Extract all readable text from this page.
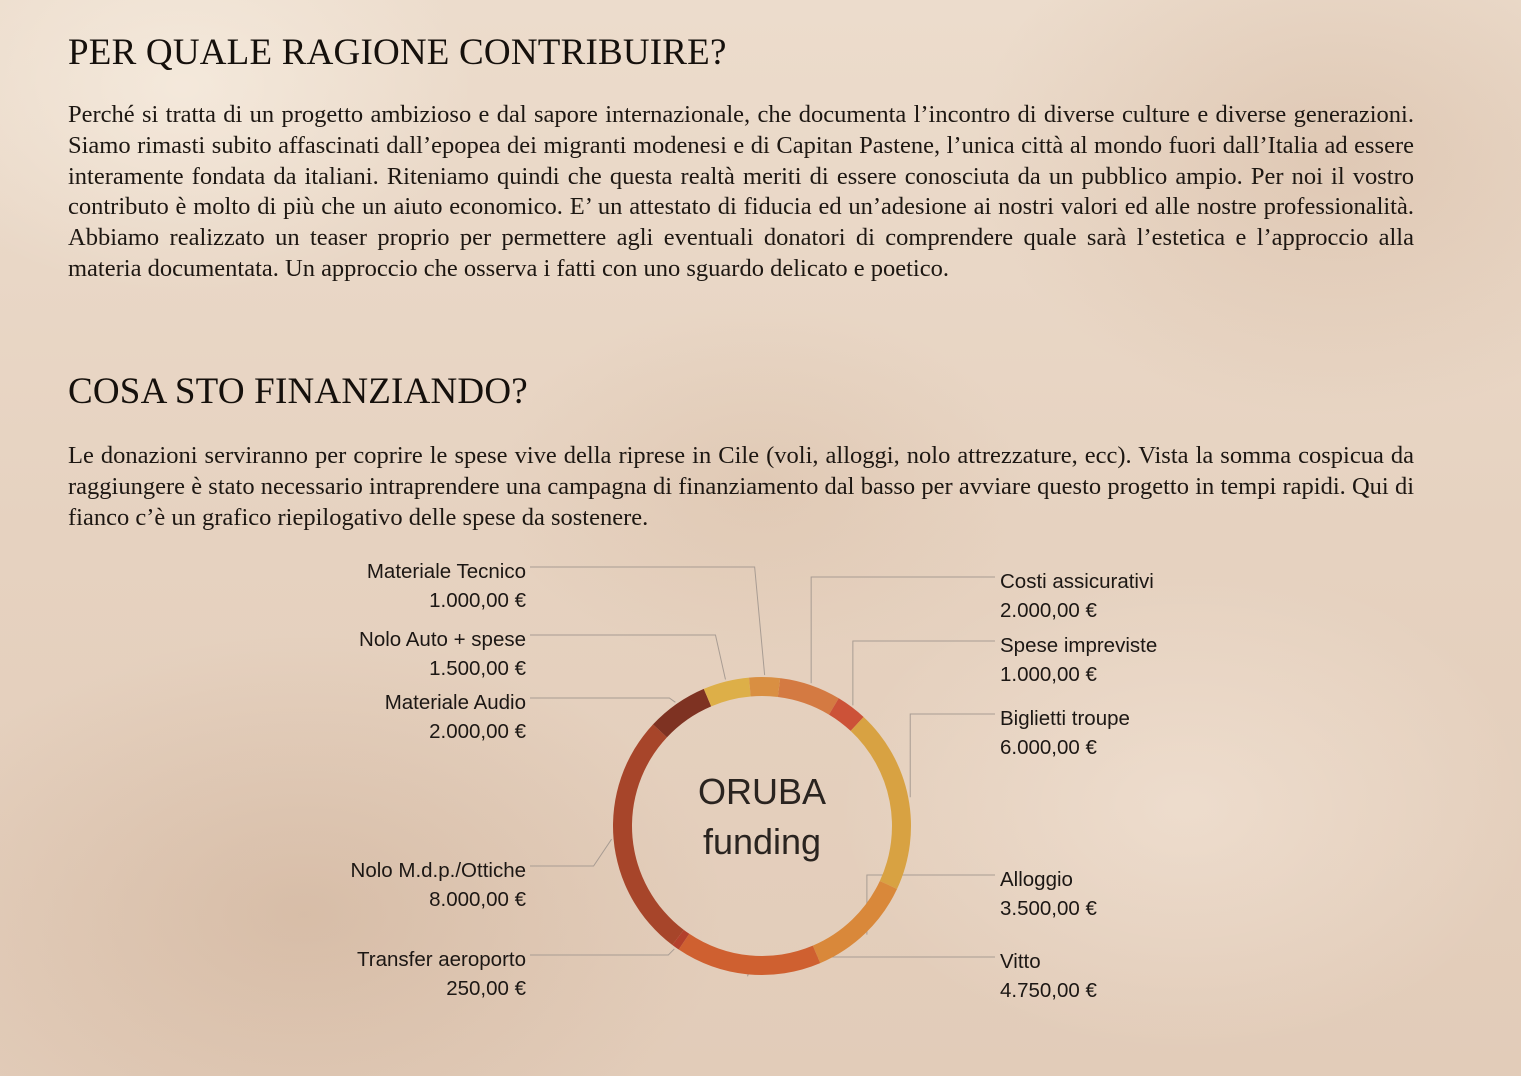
PER QUALE RAGIONE CONTRIBUIRE?

Perché si tratta di un progetto ambizioso e dal sapore internazionale, che documenta l’incontro di diverse culture e diverse generazioni. Siamo rimasti subito affascinati dall’epopea dei migranti modenesi e di Capitan Pastene, l’unica città al mondo fuori dall’Italia ad essere interamente fondata da italiani. Riteniamo quindi che questa realtà meriti di essere conosciuta da un pubblico ampio. Per noi il vostro contributo è molto di più che un aiuto economico. E’ un attestato di fiducia ed un’adesione ai nostri valori ed alle nostre professionalità. Abbiamo realizzato un teaser proprio per permettere agli eventuali donatori di comprendere quale sarà l’estetica e l’approccio alla materia documentata. Un approccio che osserva i fatti con uno sguardo delicato e poetico.

COSA STO FINANZIANDO?

Le donazioni serviranno per coprire le spese vive della riprese in Cile (voli, alloggi, nolo attrezzature, ecc). Vista la somma cospicua da raggiungere è stato necessario intraprendere una campagna di finanziamento dal basso per avviare questo progetto in tempi rapidi. Qui di fianco c’è un grafico riepilogativo delle spese da sostenere.

Costi assicurativi
2.000,00 €
Spese impreviste
1.000,00 €
Biglietti troupe
6.000,00 €
Alloggio
3.500,00 €
Vitto
4.750,00 €
Transfer aeroporto
250,00 €
Nolo M.d.p./Ottiche
8.000,00 €
Materiale Audio
2.000,00 €
Nolo Auto + spese
1.500,00 €
Materiale Tecnico
1.000,00 €
ORUBA
funding
